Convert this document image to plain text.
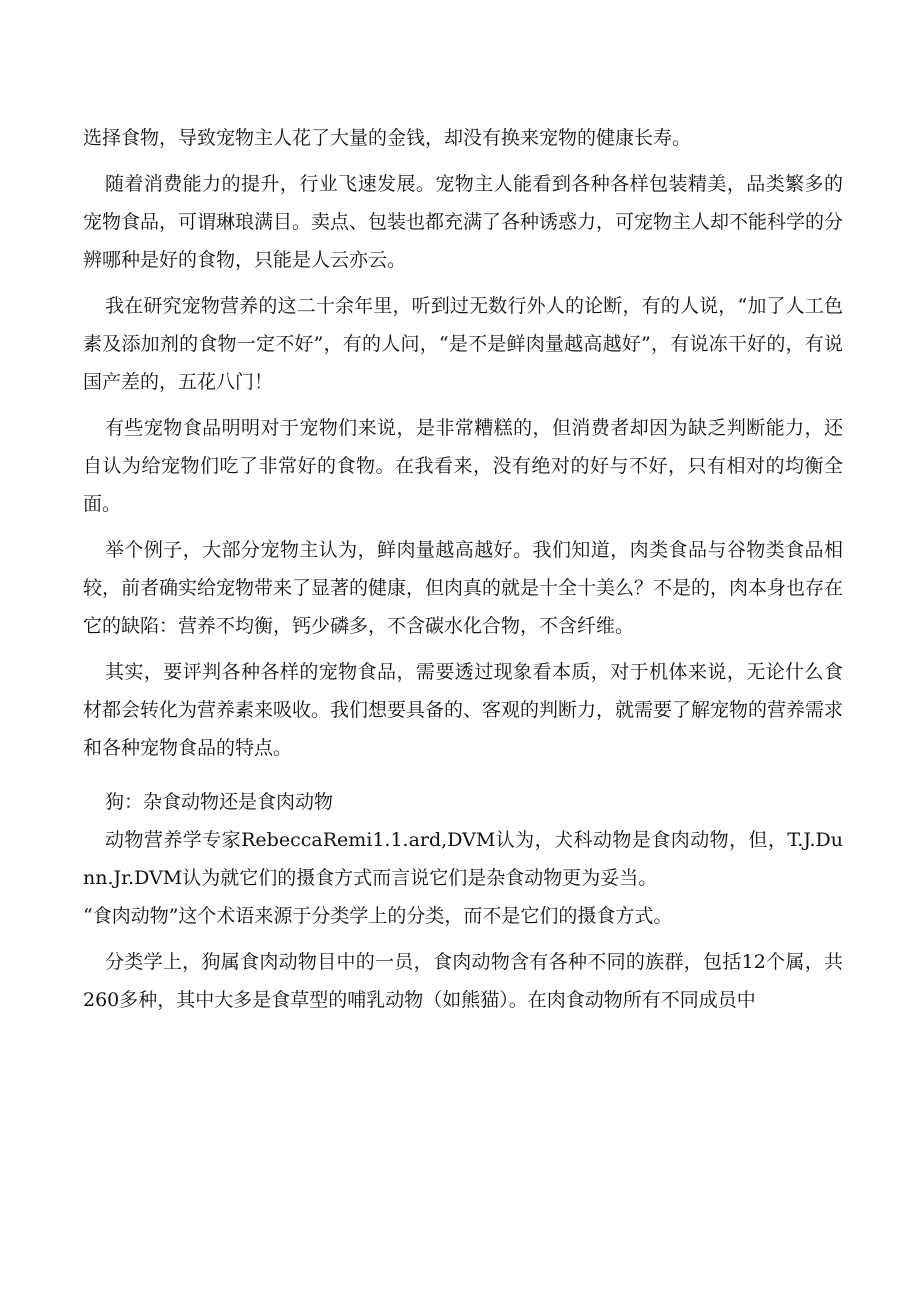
选择食物，导致宠物主人花了大量的金钱，却没有换来宠物的健康长寿。

随着消费能力的提升，行业飞速发展。宠物主人能看到各种各样包装精美，品类繁多的宠物食品，可谓琳琅满目。卖点、包装也都充满了各种诱惑力，可宠物主人却不能科学的分辨哪种是好的食物，只能是人云亦云。

我在研究宠物营养的这二十余年里，听到过无数行外人的论断，有的人说，“加了人工色素及添加剂的食物一定不好”，有的人问，“是不是鲜肉量越高越好”，有说冻干好的，有说国产差的，五花八门！

有些宠物食品明明对于宠物们来说，是非常糟糕的，但消费者却因为缺乏判断能力，还自认为给宠物们吃了非常好的食物。在我看来，没有绝对的好与不好，只有相对的均衡全面。

举个例子，大部分宠物主认为，鲜肉量越高越好。我们知道，肉类食品与谷物类食品相较，前者确实给宠物带来了显著的健康，但肉真的就是十全十美么？不是的，肉本身也存在它的缺陷：营养不均衡，钙少磷多，不含碳水化合物，不含纤维。

其实，要评判各种各样的宠物食品，需要透过现象看本质，对于机体来说，无论什么食材都会转化为营养素来吸收。我们想要具备的、客观的判断力，就需要了解宠物的营养需求和各种宠物食品的特点。

狗：杂食动物还是食肉动物

动物营养学专家RebeccaRemi1.1.ard,DVM认为，犬科动物是食肉动物，但，T.J.Dunn.Jr.DVM认为就它们的摄食方式而言说它们是杂食动物更为妥当。

“食肉动物”这个术语来源于分类学上的分类，而不是它们的摄食方式。

分类学上，狗属食肉动物目中的一员，食肉动物含有各种不同的族群，包括12个属，共260多种，其中大多是食草型的哺乳动物（如熊猫）。在肉食动物所有不同成员中
